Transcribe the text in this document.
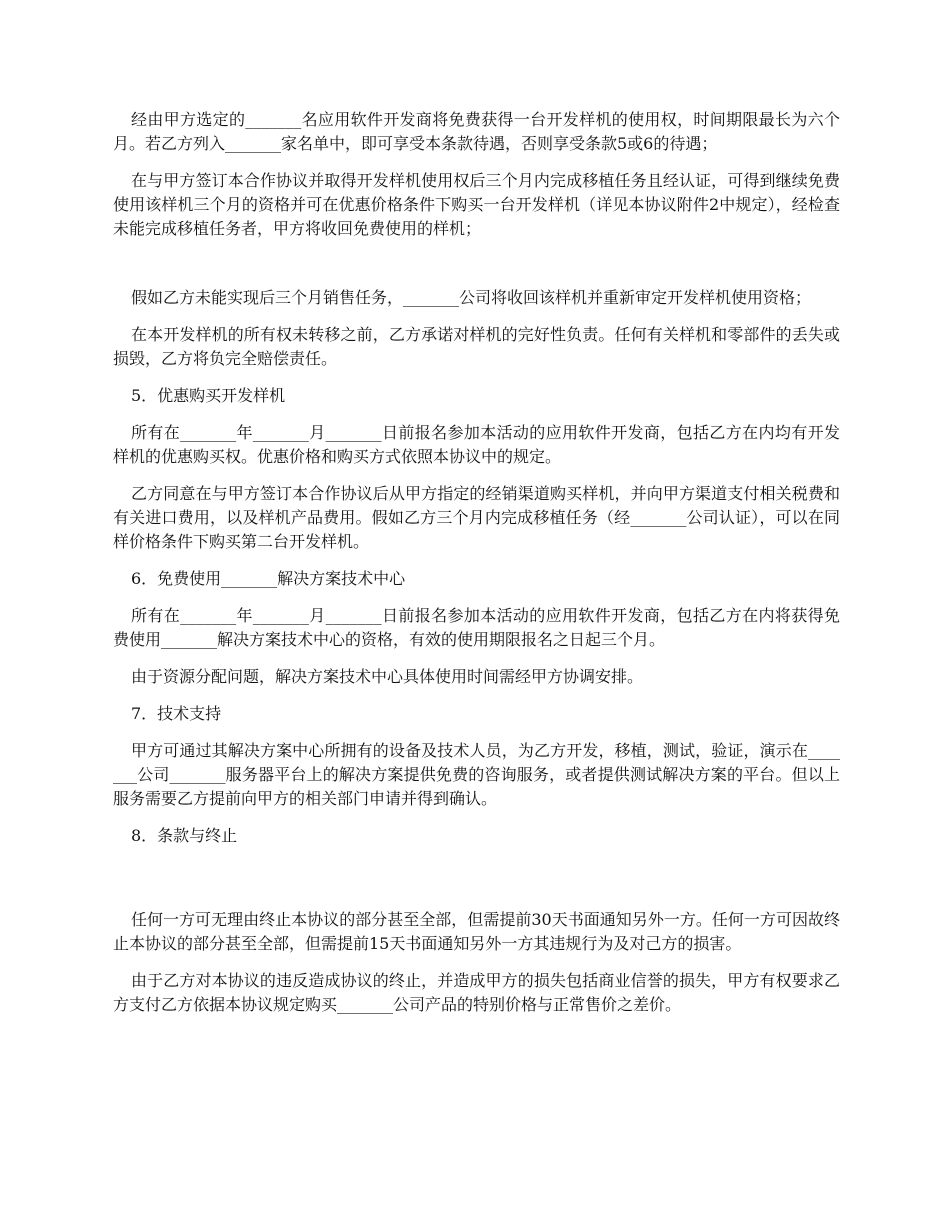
经由甲方选定的_______名应用软件开发商将免费获得一台开发样机的使用权，时间期限最长为六个月。若乙方列入_______家名单中，即可享受本条款待遇，否则享受条款5或6的待遇；

在与甲方签订本合作协议并取得开发样机使用权后三个月内完成移植任务且经认证，可得到继续免费使用该样机三个月的资格并可在优惠价格条件下购买一台开发样机（详见本协议附件2中规定），经检查未能完成移植任务者，甲方将收回免费使用的样机；

假如乙方未能实现后三个月销售任务，_______公司将收回该样机并重新审定开发样机使用资格；

在本开发样机的所有权未转移之前，乙方承诺对样机的完好性负责。任何有关样机和零部件的丢失或损毁，乙方将负完全赔偿责任。

5．优惠购买开发样机

所有在_______年_______月_______日前报名参加本活动的应用软件开发商，包括乙方在内均有开发样机的优惠购买权。优惠价格和购买方式依照本协议中的规定。

乙方同意在与甲方签订本合作协议后从甲方指定的经销渠道购买样机，并向甲方渠道支付相关税费和有关进口费用，以及样机产品费用。假如乙方三个月内完成移植任务（经_______公司认证），可以在同样价格条件下购买第二台开发样机。

6．免费使用_______解决方案技术中心

所有在_______年_______月_______日前报名参加本活动的应用软件开发商，包括乙方在内将获得免费使用_______解决方案技术中心的资格，有效的使用期限报名之日起三个月。

由于资源分配问题，解决方案技术中心具体使用时间需经甲方协调安排。

7．技术支持

甲方可通过其解决方案中心所拥有的设备及技术人员，为乙方开发，移植，测试，验证，演示在_______公司_______服务器平台上的解决方案提供免费的咨询服务，或者提供测试解决方案的平台。但以上服务需要乙方提前向甲方的相关部门申请并得到确认。

8．条款与终止

任何一方可无理由终止本协议的部分甚至全部，但需提前30天书面通知另外一方。任何一方可因故终止本协议的部分甚至全部，但需提前15天书面通知另外一方其违规行为及对己方的损害。

由于乙方对本协议的违反造成协议的终止，并造成甲方的损失包括商业信誉的损失，甲方有权要求乙方支付乙方依据本协议规定购买_______公司产品的特别价格与正常售价之差价。
